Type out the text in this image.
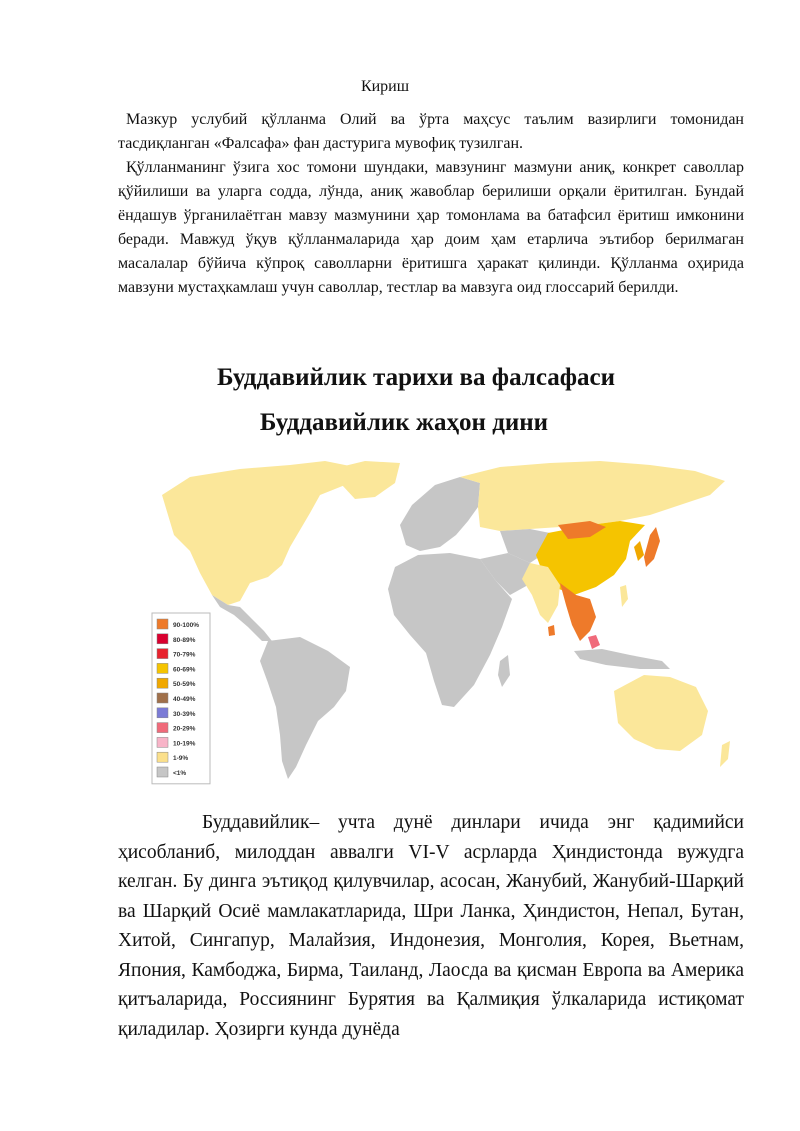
Кириш

Мазкур услубий қўлланма Олий ва ўрта маҳсус таълим вазирлиги томонидан тасдиқланган «Фалсафа» фан дастурига мувофиқ тузилган.

Қўлланманинг ўзига хос томони шундаки, мавзунинг мазмуни аниқ, конкрет саволлар қўйилиши ва уларга содда, лўнда, аниқ жавоблар берилиши орқали ёритилган. Бундай ёндашув ўрганилаётган мавзу мазмунини ҳар томонлама ва батафсил ёритиш имконини беради. Мавжуд ўқув қўлланмаларида ҳар доим ҳам етарлича эътибор берилмаган масалалар бўйича кўпроқ саволларни ёритишга ҳаракат қилинди. Қўлланма оҳирида мавзуни мустаҳкамлаш учун саволлар, тестлар ва мавзуга оид глоссарий берилди.

Буддавийлик тарихи ва фалсафаси
Буддавийлик жаҳон дини
90-100%
80-89%
70-79%
60-69%
50-59%
40-49%
30-39%
20-29%
10-19%
1-9%
<1%

Буддавийлик– учта дунё динлари ичида энг қадимийси ҳисобланиб, милоддан аввалги VI-V асрларда Ҳиндистонда вужудга келган. Бу динга эътиқод қилувчилар, асосан, Жанубий, Жанубий-Шарқий ва Шарқий Осиё мамлакатларида, Шри Ланка, Ҳиндистон, Непал, Бутан, Хитой, Сингапур, Малайзия, Индонезия, Монголия, Корея, Вьетнам, Япония, Камбоджа, Бирма, Таиланд, Лаосда ва қисман Европа ва Америка қитъаларида, Россиянинг Бурятия ва Қалмиқия ўлкаларида истиқомат қиладилар. Ҳозирги кунда дунёда
